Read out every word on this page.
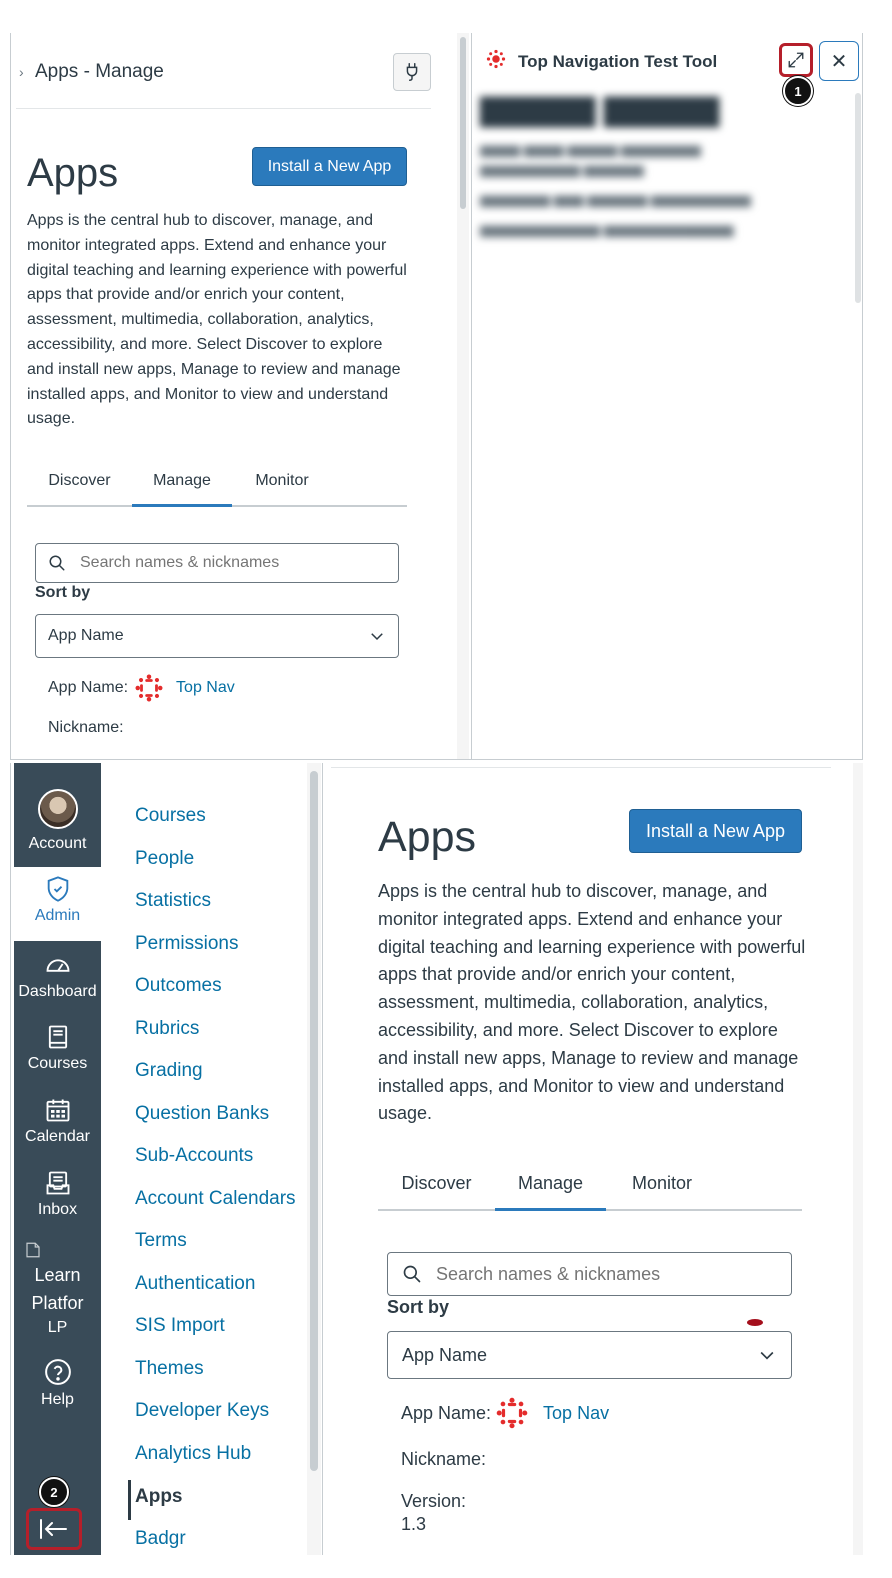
› Apps - Manage
Apps	Install a New App

Apps is the central hub to discover, manage, and monitor integrated apps. Extend and enhance your digital teaching and learning experience with powerful apps that provide and/or enrich your content, assessment, multimedia, collaboration, analytics, accessibility, and more. Select Discover to explore and install new apps, Manage to review and manage installed apps, and Monitor to view and understand usage.

Discover	Manage	Monitor
Search names & nicknames
Sort by
App Name
App Name:	Top Nav
Nickname:
Top Navigation Test Tool	✕
1
▇▇▇▇▇ ▇▇▇▇▇
▆▆▆▆ ▆▆▆▆ ▆▆▆▆▆ ▆▆▆▆▆▆▆▆
▆▆▆▆▆▆▆▆▆▆ ▆▆▆▆▆▆
▆▆▆▆▆▆▆ ▆▆▆ ▆▆▆▆▆▆ ▆▆▆▆▆▆▆▆▆▆
▆▆▆▆▆▆▆▆▆▆▆▆ ▆▆▆▆▆▆▆▆▆▆▆▆▆
Account
Admin
Dashboard
Courses
Calendar
Inbox
Learn Platfor
LP
Help
2
Courses
People
Statistics
Permissions
Outcomes
Rubrics
Grading
Question Banks
Sub-Accounts
Account Calendars
Terms
Authentication
SIS Import
Themes
Developer Keys
Analytics Hub
Apps
Badgr
Apps	Install a New App

Apps is the central hub to discover, manage, and monitor integrated apps. Extend and enhance your digital teaching and learning experience with powerful apps that provide and/or enrich your content, assessment, multimedia, collaboration, analytics, accessibility, and more. Select Discover to explore and install new apps, Manage to review and manage installed apps, and Monitor to view and understand usage.

Discover	Manage	Monitor
Search names & nicknames
Sort by
App Name
App Name:	Top Nav
Nickname:
Version:
1.3
